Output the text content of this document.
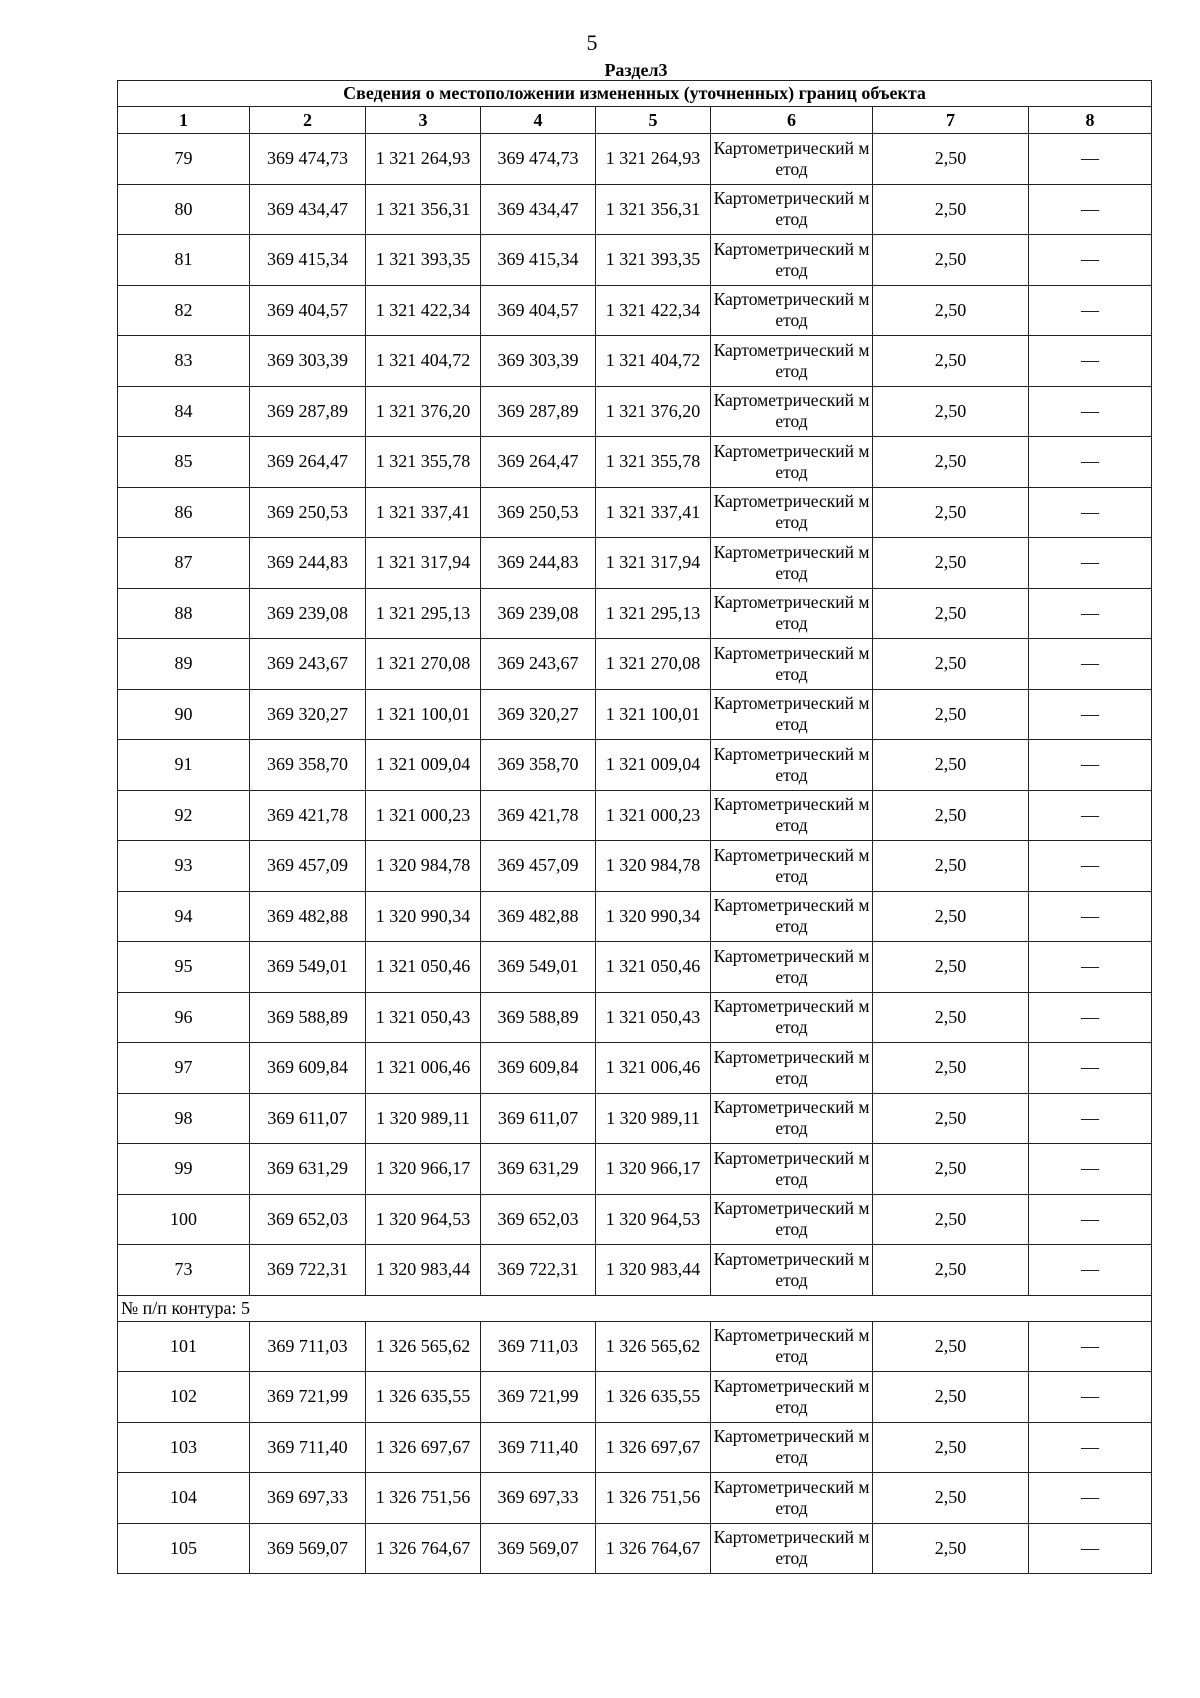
5
Раздел3
Сведения о местоположении измененных (уточненных) границ объекта							
1	2	3	4	5	6	7	8
79	369 474,73	1 321 264,93	369 474,73	1 321 264,93	Картометрический метод	2,50	—
80	369 434,47	1 321 356,31	369 434,47	1 321 356,31	Картометрический метод	2,50	—
81	369 415,34	1 321 393,35	369 415,34	1 321 393,35	Картометрический метод	2,50	—
82	369 404,57	1 321 422,34	369 404,57	1 321 422,34	Картометрический метод	2,50	—
83	369 303,39	1 321 404,72	369 303,39	1 321 404,72	Картометрический метод	2,50	—
84	369 287,89	1 321 376,20	369 287,89	1 321 376,20	Картометрический метод	2,50	—
85	369 264,47	1 321 355,78	369 264,47	1 321 355,78	Картометрический метод	2,50	—
86	369 250,53	1 321 337,41	369 250,53	1 321 337,41	Картометрический метод	2,50	—
87	369 244,83	1 321 317,94	369 244,83	1 321 317,94	Картометрический метод	2,50	—
88	369 239,08	1 321 295,13	369 239,08	1 321 295,13	Картометрический метод	2,50	—
89	369 243,67	1 321 270,08	369 243,67	1 321 270,08	Картометрический метод	2,50	—
90	369 320,27	1 321 100,01	369 320,27	1 321 100,01	Картометрический метод	2,50	—
91	369 358,70	1 321 009,04	369 358,70	1 321 009,04	Картометрический метод	2,50	—
92	369 421,78	1 321 000,23	369 421,78	1 321 000,23	Картометрический метод	2,50	—
93	369 457,09	1 320 984,78	369 457,09	1 320 984,78	Картометрический метод	2,50	—
94	369 482,88	1 320 990,34	369 482,88	1 320 990,34	Картометрический метод	2,50	—
95	369 549,01	1 321 050,46	369 549,01	1 321 050,46	Картометрический метод	2,50	—
96	369 588,89	1 321 050,43	369 588,89	1 321 050,43	Картометрический метод	2,50	—
97	369 609,84	1 321 006,46	369 609,84	1 321 006,46	Картометрический метод	2,50	—
98	369 611,07	1 320 989,11	369 611,07	1 320 989,11	Картометрический метод	2,50	—
99	369 631,29	1 320 966,17	369 631,29	1 320 966,17	Картометрический метод	2,50	—
100	369 652,03	1 320 964,53	369 652,03	1 320 964,53	Картометрический метод	2,50	—
73	369 722,31	1 320 983,44	369 722,31	1 320 983,44	Картометрический метод	2,50	—
№ п/п контура: 5							
101	369 711,03	1 326 565,62	369 711,03	1 326 565,62	Картометрический метод	2,50	—
102	369 721,99	1 326 635,55	369 721,99	1 326 635,55	Картометрический метод	2,50	—
103	369 711,40	1 326 697,67	369 711,40	1 326 697,67	Картометрический метод	2,50	—
104	369 697,33	1 326 751,56	369 697,33	1 326 751,56	Картометрический метод	2,50	—
105	369 569,07	1 326 764,67	369 569,07	1 326 764,67	Картометрический метод	2,50	—
